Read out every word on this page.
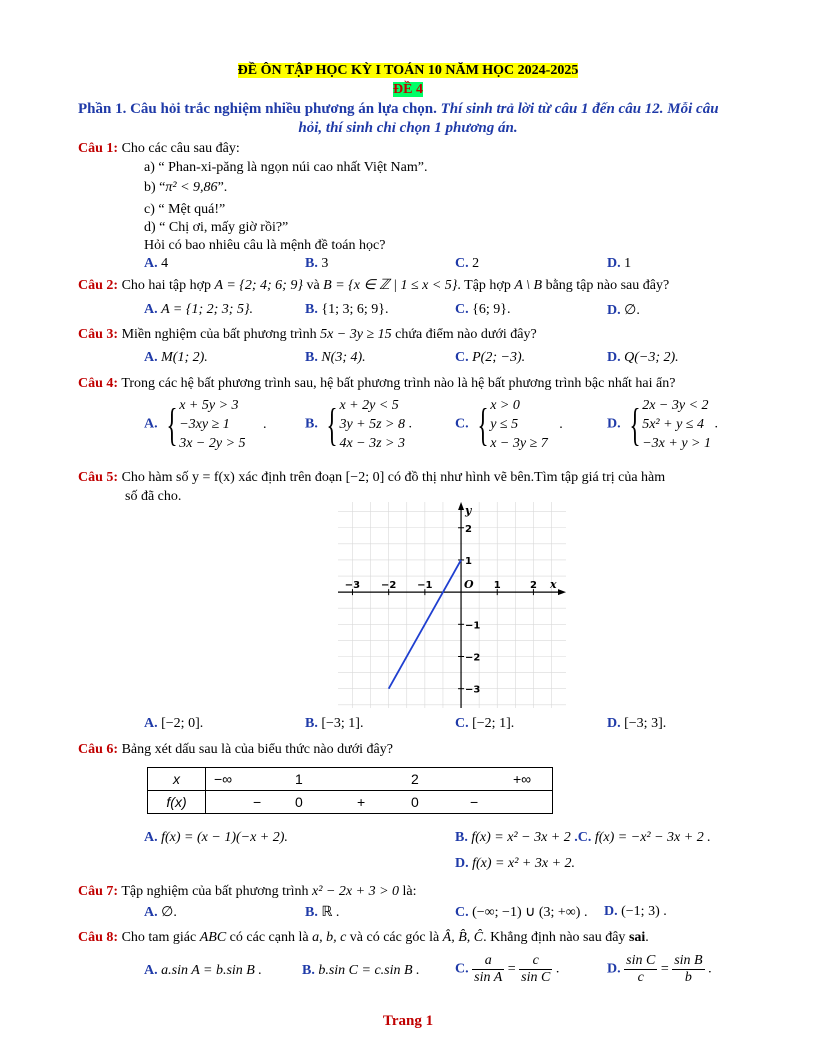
ĐỀ ÔN TẬP HỌC KỲ I TOÁN 10 NĂM HỌC 2024-2025
ĐỀ 4
Phần 1. Câu hỏi trắc nghiệm nhiều phương án lựa chọn. Thí sinh trả lời từ câu 1 đến câu 12. Mỗi câu
hỏi, thí sinh chỉ chọn 1 phương án.
Câu 1: Cho các câu sau đây:
a) “ Phan-xi-păng là ngọn núi cao nhất Việt Nam”.
b) “π² < 9,86”.
c) “ Mệt quá!”
d) “ Chị ơi, mấy giờ rồi?”
Hỏi có bao nhiêu câu là mệnh đề toán học?
A. 4	B. 3	C. 2	D. 1
Câu 2: Cho hai tập hợp A = {2; 4; 6; 9} và B = {x ∈ ℤ | 1 ≤ x < 5}. Tập hợp A \ B bằng tập nào sau đây?
A. A = {1; 2; 3; 5}.	B. {1; 3; 6; 9}.	C. {6; 9}.	D. ∅.
Câu 3: Miền nghiệm của bất phương trình 5x − 3y ≥ 15 chứa điểm nào dưới đây?
A. M(1; 2).	B. N(3; 4).	C. P(2; −3).	D. Q(−3; 2).
Câu 4: Trong các hệ bất phương trình sau, hệ bất phương trình nào là hệ bất phương trình bậc nhất hai ẩn?
A. { x + 5y > 3
−3xy ≥ 1
3x − 2y > 5 .	B. { x + 2y < 5
3y + 5z > 8
4x − 3z > 3 .	C. { x > 0
y ≤ 5
x − 3y ≥ 7 .	D. { 2x − 3y < 2
5x² + y ≤ 4
−3x + y > 1 .
Câu 5: Cho hàm số y = f(x) xác định trên đoạn [−2; 0] có đồ thị như hình vẽ bên.Tìm tập giá trị của hàm
số đã cho.
−3 −2 −1	1	2
2
1
−1
−2
−3
O	x
y
A. [−2; 0].	B. [−3; 1].	C. [−2; 1].	D. [−3; 3].
Câu 6: Bảng xét dấu sau là của biểu thức nào dưới đây?
x	−∞ 1 2 +∞

f(x)	− 0 + 0 −
A. f(x) = (x − 1)(−x + 2).	B. f(x) = x² − 3x + 2 .C. f(x) = −x² − 3x + 2 .
D. f(x) = x² + 3x + 2.
Câu 7: Tập nghiệm của bất phương trình x² − 2x + 3 > 0 là:
A. ∅.	B. ℝ .	C. (−∞; −1) ∪ (3; +∞) . D. (−1; 3) .
Câu 8: Cho tam giác ABC có các cạnh là a, b, c và có các góc là Â, B̂, Ĉ. Khẳng định nào sau đây sai.
A. a.sin A = b.sin B .	B. b.sin C = c.sin B .	C. $\frac{a}{\text{sin A}} = \frac{c}{\text{sin C}}$ .	D. $\frac{\text{sin C}}{c} = \frac{\text{sin B}}{b}$ .
Trang 1
